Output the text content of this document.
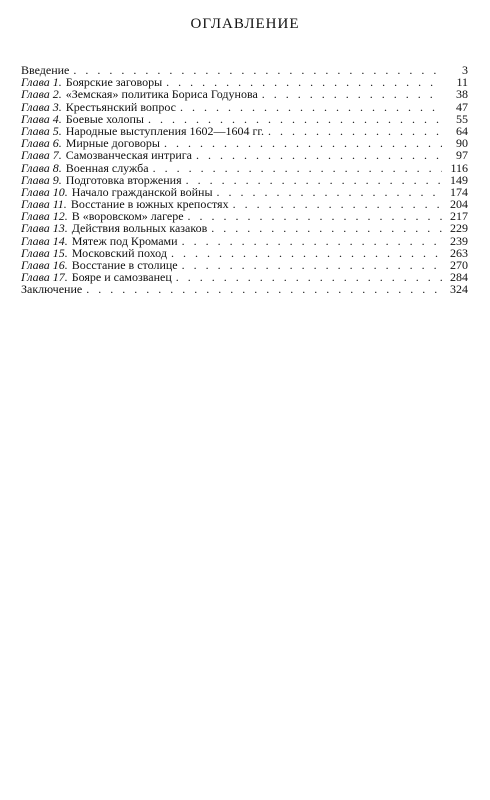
ОГЛАВЛЕНИЕ
Введение . . .	3
Глава 1. Боярские заговоры . . .	11
Глава 2. «Земская» политика Бориса Годунова . . .	38
Глава 3. Крестьянский вопрос . . .	47
Глава 4. Боевые холопы . . .	55
Глава 5. Народные выступления 1602—1604 гг. . . .	64
Глава 6. Мирные договоры . . .	90
Глава 7. Самозванческая интрига . . .	97
Глава 8. Военная служба . . .	116
Глава 9. Подготовка вторжения . . .	149
Глава 10. Начало гражданской войны . . .	174
Глава 11. Восстание в южных крепостях . . .	204
Глава 12. В «воровском» лагере . . .	217
Глава 13. Действия вольных казаков . . .	229
Глава 14. Мятеж под Кромами . . .	239
Глава 15. Московский поход . . .	263
Глава 16. Восстание в столице . . .	270
Глава 17. Бояре и самозванец . . .	284
Заключение . . .	324
